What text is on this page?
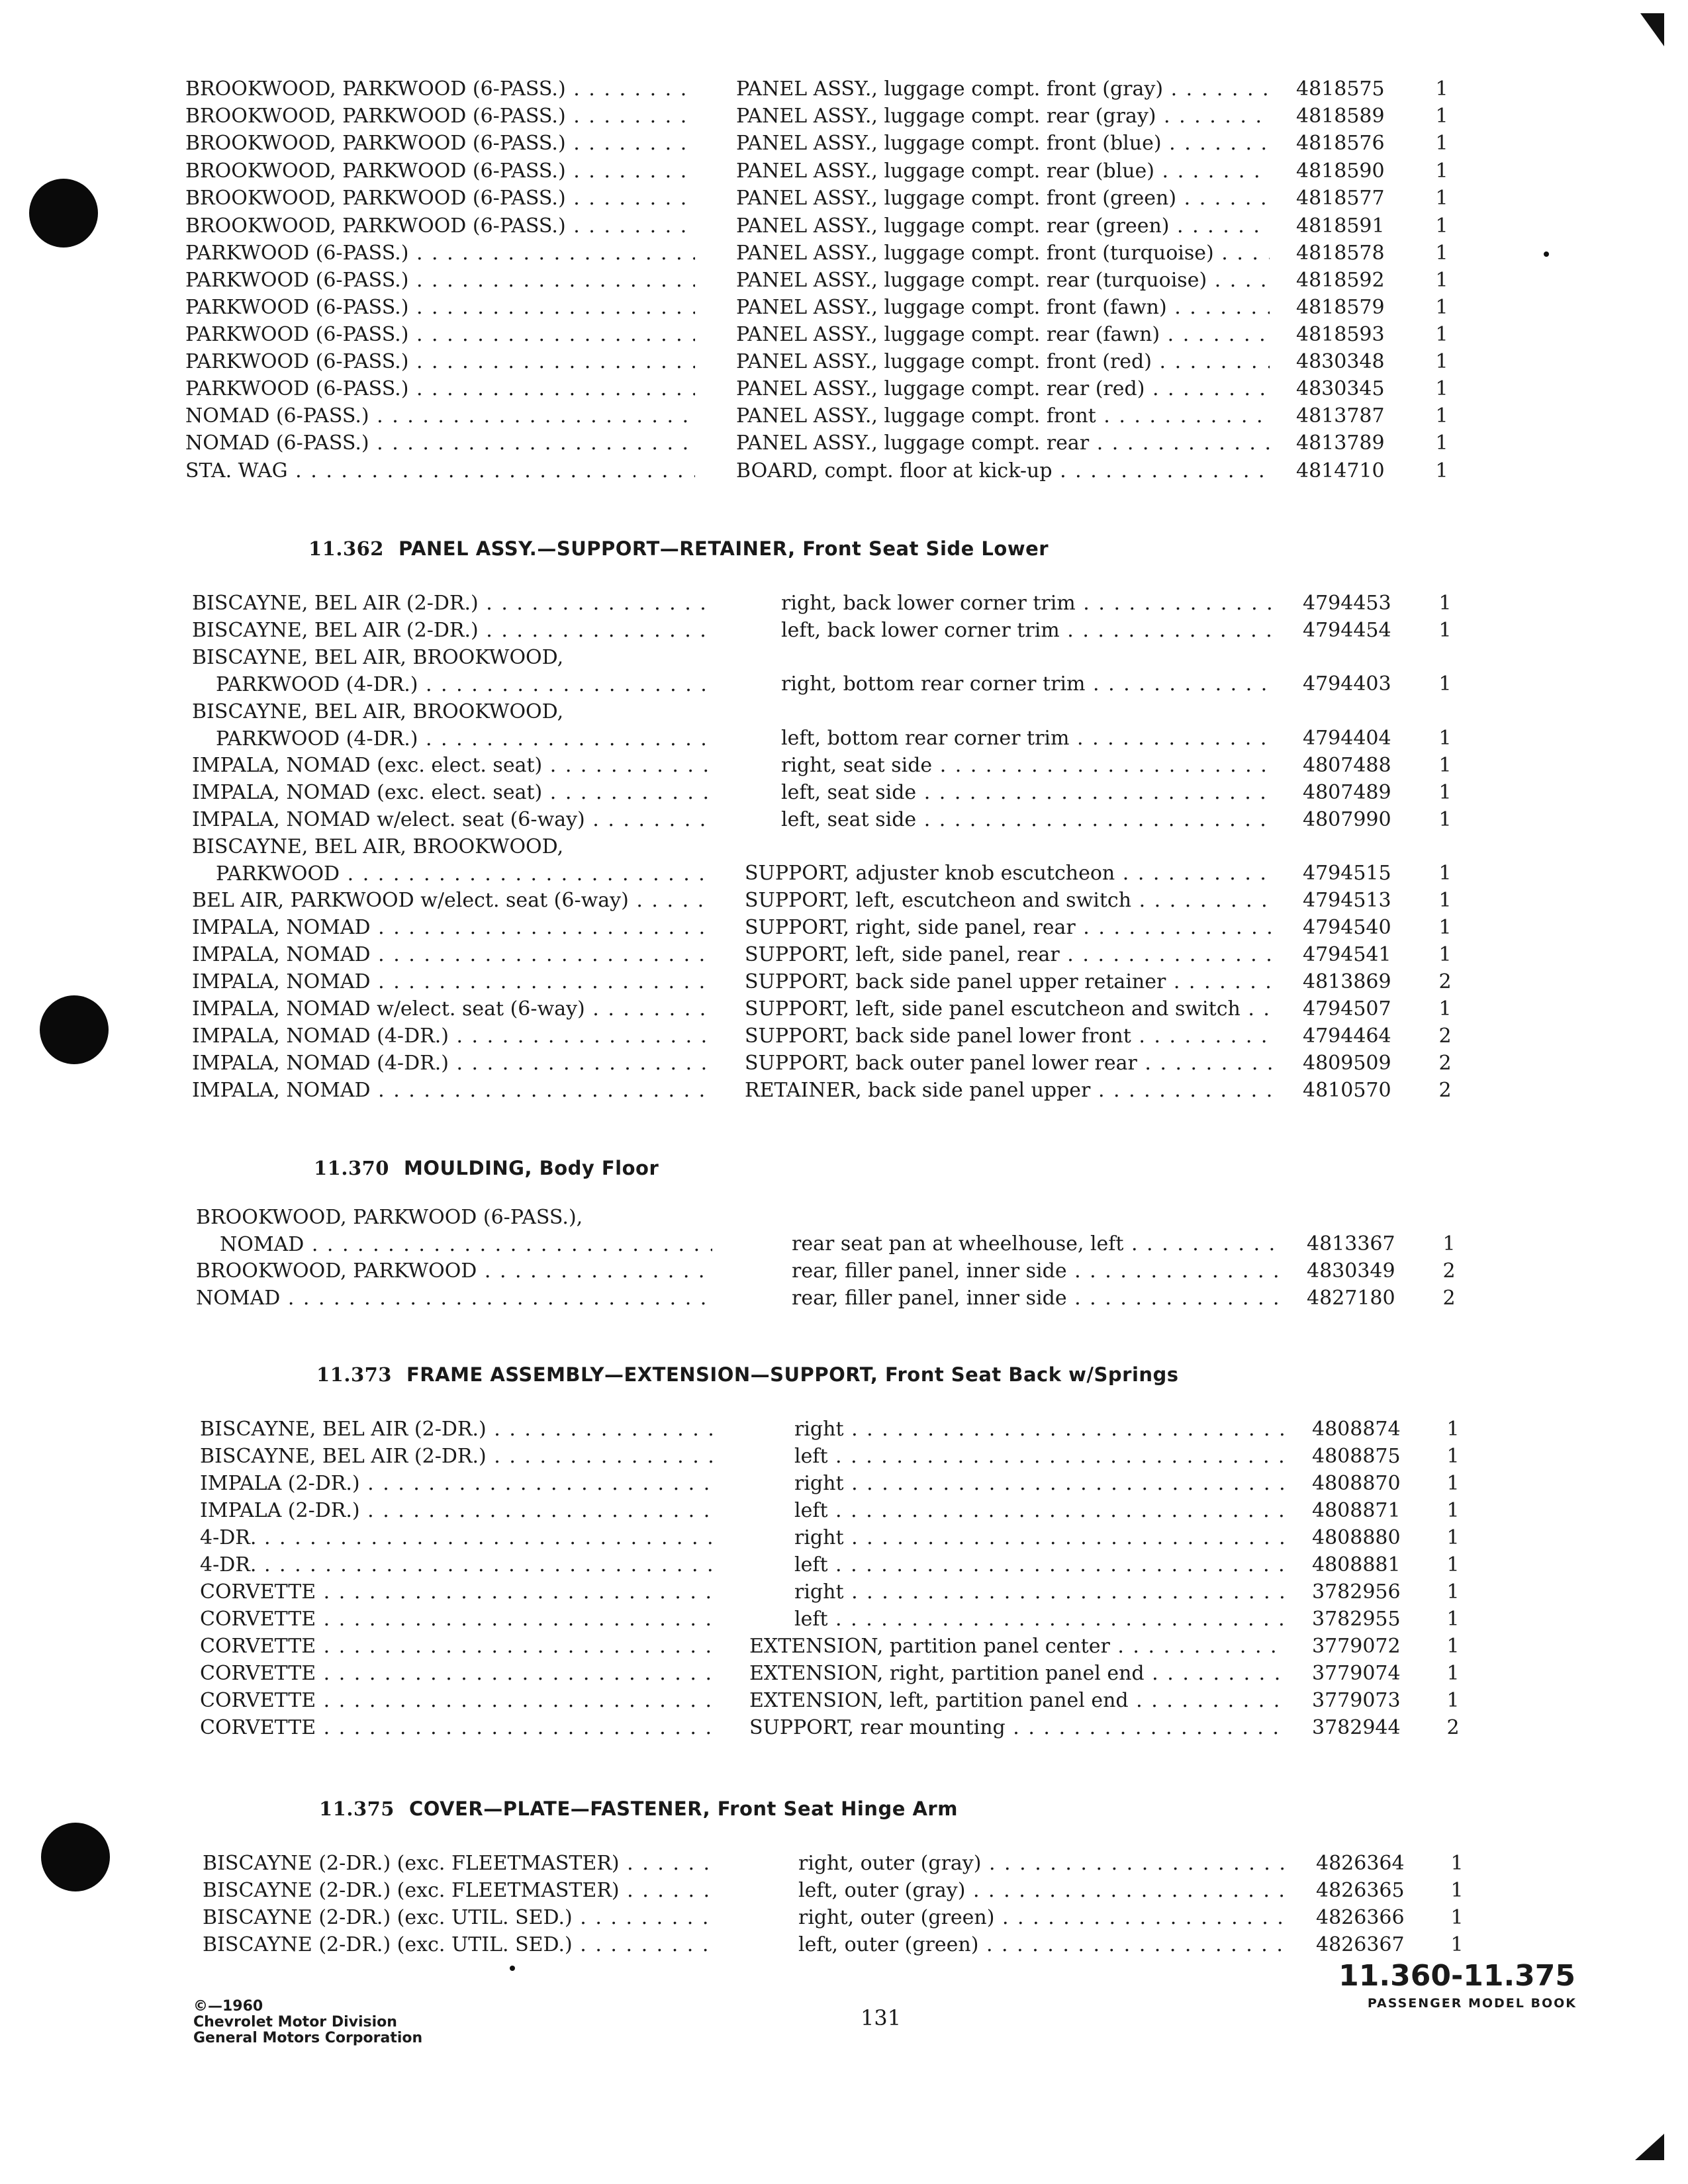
BROOKWOOD, PARKWOOD (6-PASS.) . . .	PANEL ASSY., luggage compt. front (gray) . . .	4818575	1
BROOKWOOD, PARKWOOD (6-PASS.) . . .	PANEL ASSY., luggage compt. rear (gray) . . .	4818589	1
BROOKWOOD, PARKWOOD (6-PASS.) . . .	PANEL ASSY., luggage compt. front (blue) . . .	4818576	1
BROOKWOOD, PARKWOOD (6-PASS.) . . .	PANEL ASSY., luggage compt. rear (blue) . . .	4818590	1
BROOKWOOD, PARKWOOD (6-PASS.) . . .	PANEL ASSY., luggage compt. front (green) . . .	4818577	1
BROOKWOOD, PARKWOOD (6-PASS.) . . .	PANEL ASSY., luggage compt. rear (green) . . .	4818591	1
PARKWOOD (6-PASS.) . . .	PANEL ASSY., luggage compt. front (turquoise) . . .	4818578	1
PARKWOOD (6-PASS.) . . .	PANEL ASSY., luggage compt. rear (turquoise) . . .	4818592	1
PARKWOOD (6-PASS.) . . .	PANEL ASSY., luggage compt. front (fawn) . . .	4818579	1
PARKWOOD (6-PASS.) . . .	PANEL ASSY., luggage compt. rear (fawn) . . .	4818593	1
PARKWOOD (6-PASS.) . . .	PANEL ASSY., luggage compt. front (red) . . .	4830348	1
PARKWOOD (6-PASS.) . . .	PANEL ASSY., luggage compt. rear (red) . . .	4830345	1
NOMAD (6-PASS.) . . .	PANEL ASSY., luggage compt. front . . .	4813787	1
NOMAD (6-PASS.) . . .	PANEL ASSY., luggage compt. rear . . .	4813789	1
STA. WAG . . .	BOARD, compt. floor at kick-up . . .	4814710	1
11.362 PANEL ASSY.—SUPPORT—RETAINER, Front Seat Side Lower
BISCAYNE, BEL AIR (2-DR.) . . .	right, back lower corner trim . . .	4794453	1
BISCAYNE, BEL AIR (2-DR.) . . .	left, back lower corner trim . . .	4794454	1
BISCAYNE, BEL AIR, BROOKWOOD,
PARKWOOD (4-DR.) . . .	right, bottom rear corner trim . . .	4794403	1
BISCAYNE, BEL AIR, BROOKWOOD,
PARKWOOD (4-DR.) . . .	left, bottom rear corner trim . . .	4794404	1
IMPALA, NOMAD (exc. elect. seat) . . .	right, seat side . . .	4807488	1
IMPALA, NOMAD (exc. elect. seat) . . .	left, seat side . . .	4807489	1
IMPALA, NOMAD w/elect. seat (6-way) . . .	left, seat side . . .	4807990	1
BISCAYNE, BEL AIR, BROOKWOOD,
PARKWOOD . . .	SUPPORT, adjuster knob escutcheon . . .	4794515	1
BEL AIR, PARKWOOD w/elect. seat (6-way) . . .	SUPPORT, left, escutcheon and switch . . .	4794513	1
IMPALA, NOMAD . . .	SUPPORT, right, side panel, rear . . .	4794540	1
IMPALA, NOMAD . . .	SUPPORT, left, side panel, rear . . .	4794541	1
IMPALA, NOMAD . . .	SUPPORT, back side panel upper retainer . . .	4813869	2
IMPALA, NOMAD w/elect. seat (6-way) . . .	SUPPORT, left, side panel escutcheon and switch . . .	4794507	1
IMPALA, NOMAD (4-DR.) . . .	SUPPORT, back side panel lower front . . .	4794464	2
IMPALA, NOMAD (4-DR.) . . .	SUPPORT, back outer panel lower rear . . .	4809509	2
IMPALA, NOMAD . . .	RETAINER, back side panel upper . . .	4810570	2
11.370 MOULDING, Body Floor
BROOKWOOD, PARKWOOD (6-PASS.),
NOMAD . . .	rear seat pan at wheelhouse, left . . .	4813367	1
BROOKWOOD, PARKWOOD . . .	rear, filler panel, inner side . . .	4830349	2
NOMAD . . .	rear, filler panel, inner side . . .	4827180	2
11.373 FRAME ASSEMBLY—EXTENSION—SUPPORT, Front Seat Back w/Springs
BISCAYNE, BEL AIR (2-DR.) . . .	right . . .	4808874	1
BISCAYNE, BEL AIR (2-DR.) . . .	left . . .	4808875	1
IMPALA (2-DR.) . . .	right . . .	4808870	1
IMPALA (2-DR.) . . .	left . . .	4808871	1
4-DR. . . .	right . . .	4808880	1
4-DR. . . .	left . . .	4808881	1
CORVETTE . . .	right . . .	3782956	1
CORVETTE . . .	left . . .	3782955	1
CORVETTE . . .	EXTENSION, partition panel center . . .	3779072	1
CORVETTE . . .	EXTENSION, right, partition panel end . . .	3779074	1
CORVETTE . . .	EXTENSION, left, partition panel end . . .	3779073	1
CORVETTE . . .	SUPPORT, rear mounting . . .	3782944	2
11.375 COVER—PLATE—FASTENER, Front Seat Hinge Arm
BISCAYNE (2-DR.) (exc. FLEETMASTER) . . .	right, outer (gray) . . .	4826364	1
BISCAYNE (2-DR.) (exc. FLEETMASTER) . . .	left, outer (gray) . . .	4826365	1
BISCAYNE (2-DR.) (exc. UTIL. SED.) . . .	right, outer (green) . . .	4826366	1
BISCAYNE (2-DR.) (exc. UTIL. SED.) . . .	left, outer (green) . . .	4826367	1
©—1960
Chevrolet Motor Division
General Motors Corporation
131
11.360-11.375
PASSENGER MODEL BOOK
